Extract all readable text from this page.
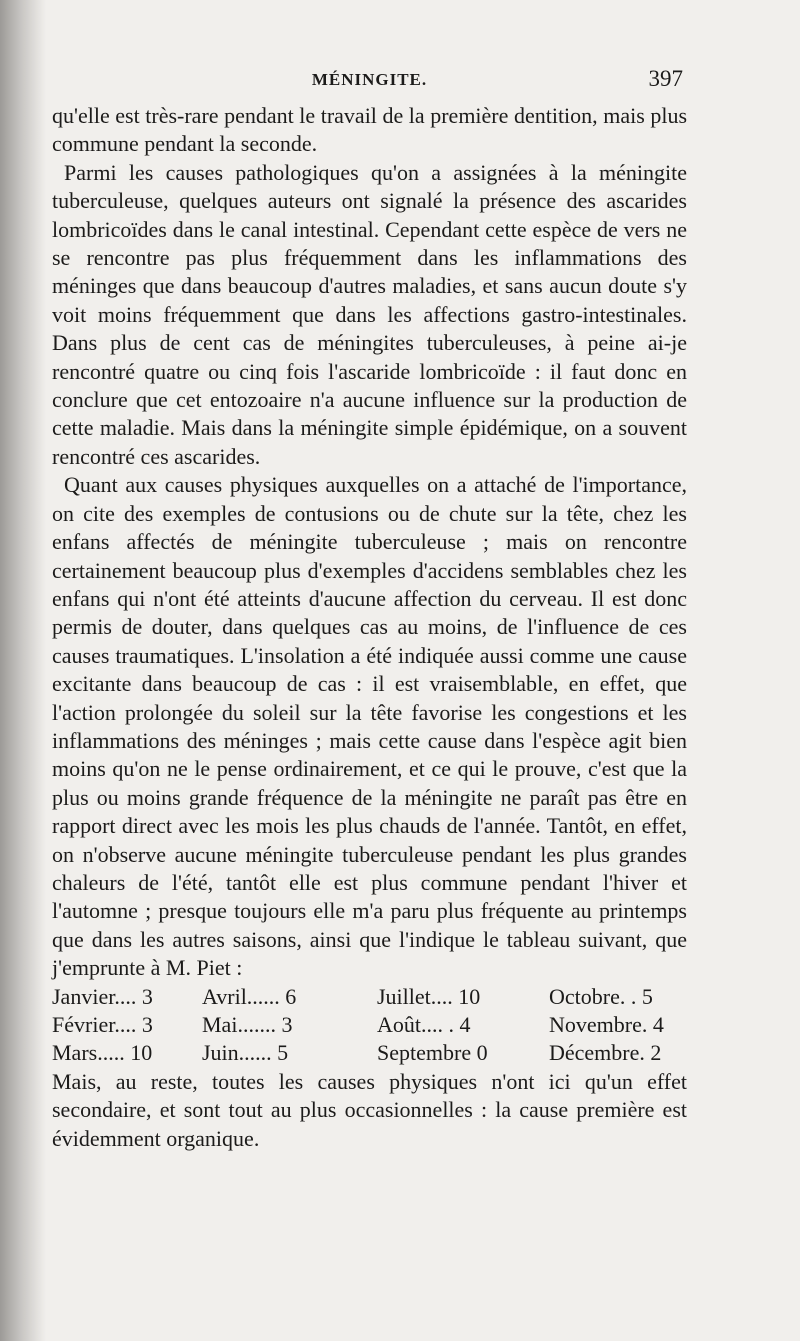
MÉNINGITE.	397

qu'elle est très-rare pendant le travail de la première dentition, mais plus commune pendant la seconde.

Parmi les causes pathologiques qu'on a assignées à la méningite tuberculeuse, quelques auteurs ont signalé la présence des ascarides lombricoïdes dans le canal intestinal. Cependant cette espèce de vers ne se rencontre pas plus fréquemment dans les inflammations des méninges que dans beaucoup d'autres maladies, et sans aucun doute s'y voit moins fréquemment que dans les affections gastro-intestinales. Dans plus de cent cas de méningites tuberculeuses, à peine ai-je rencontré quatre ou cinq fois l'ascaride lombricoïde : il faut donc en conclure que cet entozoaire n'a aucune influence sur la production de cette maladie. Mais dans la méningite simple épidémique, on a souvent rencontré ces ascarides.

Quant aux causes physiques auxquelles on a attaché de l'importance, on cite des exemples de contusions ou de chute sur la tête, chez les enfans affectés de méningite tuberculeuse ; mais on rencontre certainement beaucoup plus d'exemples d'accidens semblables chez les enfans qui n'ont été atteints d'aucune affection du cerveau. Il est donc permis de douter, dans quelques cas au moins, de l'influence de ces causes traumatiques. L'insolation a été indiquée aussi comme une cause excitante dans beaucoup de cas : il est vraisemblable, en effet, que l'action prolongée du soleil sur la tête favorise les congestions et les inflammations des méninges ; mais cette cause dans l'espèce agit bien moins qu'on ne le pense ordinairement, et ce qui le prouve, c'est que la plus ou moins grande fréquence de la méningite ne paraît pas être en rapport direct avec les mois les plus chauds de l'année. Tantôt, en effet, on n'observe aucune méningite tuberculeuse pendant les plus grandes chaleurs de l'été, tantôt elle est plus commune pendant l'hiver et l'automne ; presque toujours elle m'a paru plus fréquente au printemps que dans les autres saisons, ainsi que l'indique le tableau suivant, que j'emprunte à M. Piet :

Janvier.... 3	Avril...... 6	Juillet.... 10	Octobre. . 5
Février.... 3	Mai....... 3	Août.... . 4	Novembre. 4
Mars..... 10	Juin...... 5	Septembre 0	Décembre. 2

Mais, au reste, toutes les causes physiques n'ont ici qu'un effet secondaire, et sont tout au plus occasionnelles : la cause première est évidemment organique.
